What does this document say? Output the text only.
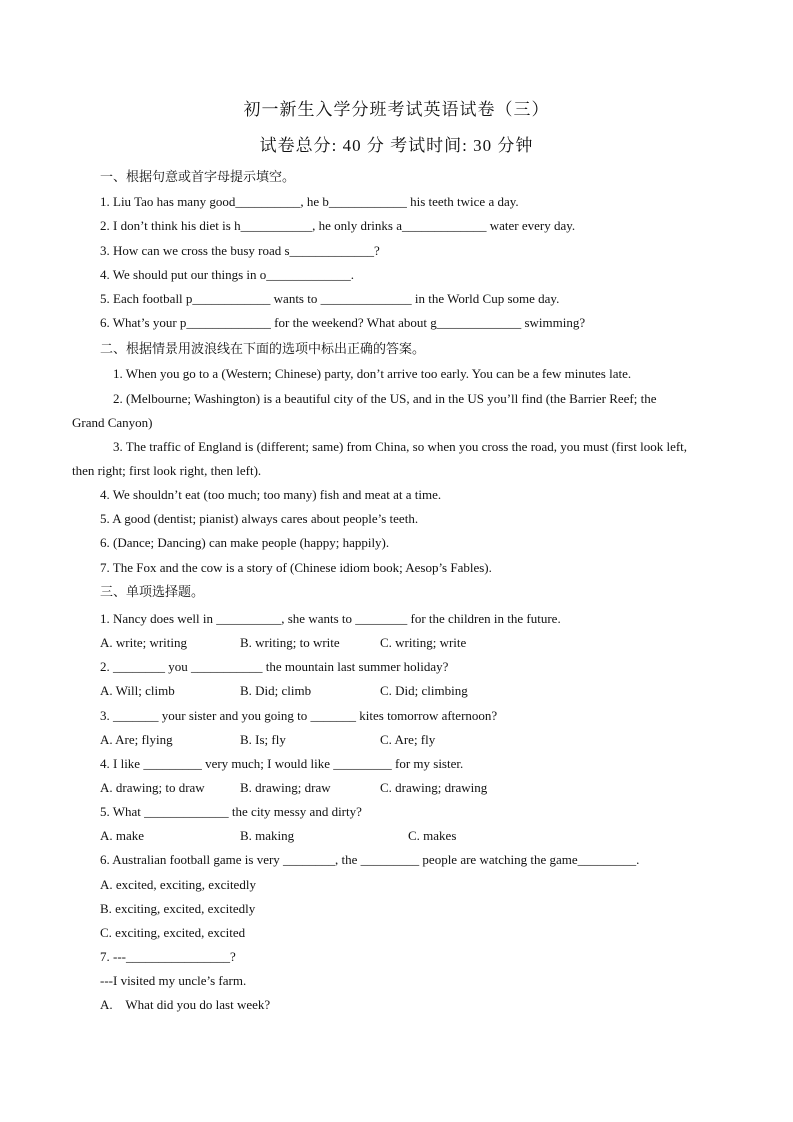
初一新生入学分班考试英语试卷（三）
试卷总分: 40 分 考试时间: 30 分钟
一、根据句意或首字母提示填空。
1. Liu Tao has many good__________, he b____________ his teeth twice a day.
2. I don’t think his diet is h___________, he only drinks a_____________ water every day.
3. How can we cross the busy road s_____________?
4. We should put our things in o_____________.
5. Each football p____________ wants to ______________ in the World Cup some day.
6. What’s your p_____________ for the weekend? What about g_____________ swimming?
二、根据情景用波浪线在下面的选项中标出正确的答案。
1. When you go to a (Western; Chinese) party, don’t arrive too early. You can be a few minutes late.
2. (Melbourne; Washington) is a beautiful city of the US, and in the US you’ll find (the Barrier Reef; the
Grand Canyon)
3. The traffic of England is (different; same) from China, so when you cross the road, you must (first look left,
then right; first look right, then left).
4. We shouldn’t eat (too much; too many) fish and meat at a time.
5. A good (dentist; pianist) always cares about people’s teeth.
6. (Dance; Dancing) can make people (happy; happily).
7. The Fox and the cow is a story of (Chinese idiom book; Aesop’s Fables).
三、单项选择题。
1. Nancy does well in __________, she wants to ________ for the children in the future.
A. write; writing	B. writing; to write	C. writing; write
2. ________ you ___________ the mountain last summer holiday?
A. Will; climb	B. Did; climb	C. Did; climbing
3. _______ your sister and you going to _______ kites tomorrow afternoon?
A. Are; flying	B. Is; fly	C. Are; fly
4. I like _________ very much; I would like _________ for my sister.
A. drawing; to draw	B. drawing; draw	C. drawing; drawing
5. What _____________ the city messy and dirty?
A. make	B. making	C. makes
6. Australian football game is very ________, the _________ people are watching the game_________.
A. excited, exciting, excitedly
B. exciting, excited, excitedly
C. exciting, excited, excited
7. ---________________?
---I visited my uncle’s farm.
A.    What did you do last week?
